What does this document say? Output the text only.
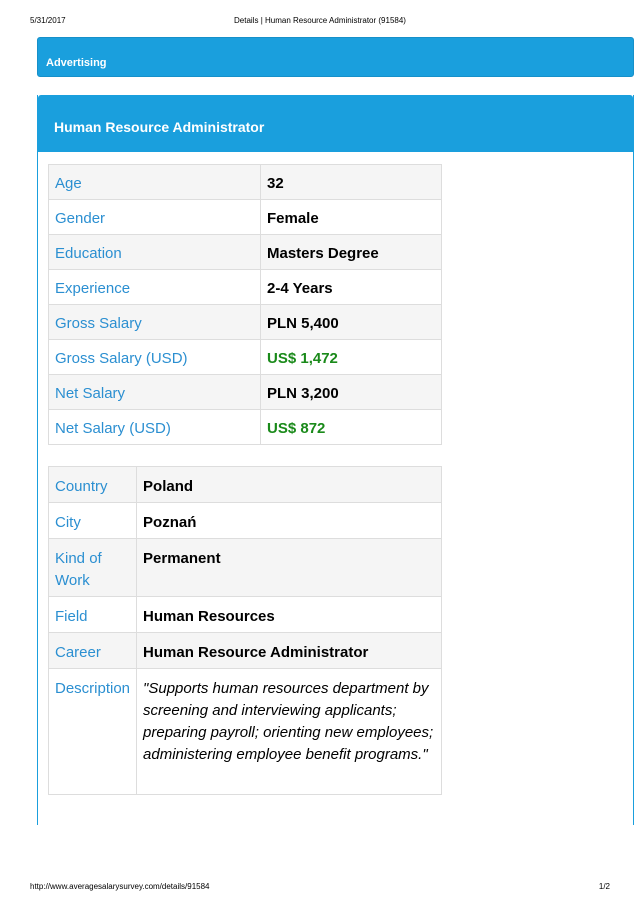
5/31/2017	Details | Human Resource Administrator (91584)
Advertising
Human Resource Administrator
Age	32
Gender	Female
Education	Masters Degree
Experience	2-4 Years
Gross Salary	PLN 5,400
Gross Salary (USD)	US$ 1,472
Net Salary	PLN 3,200
Net Salary (USD)	US$ 872
Country	Poland
City	Poznań
Kind of Work	Permanent
Field	Human Resources
Career	Human Resource Administrator
Description	"Supports human resources department by screening and interviewing applicants; preparing payroll; orienting new employees; administering employee benefit programs."
http://www.averagesalarysurvey.com/details/91584	1/2
